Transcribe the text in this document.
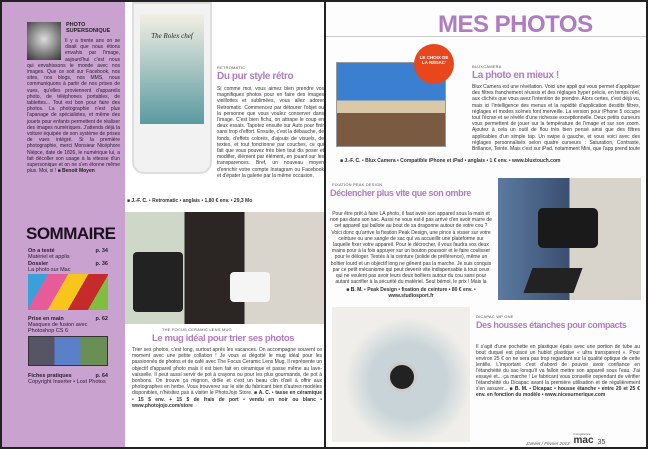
PHOTO SUPERSONIQUE
Il y a trente ans on se disait que nous étions envahis par l'image, aujourd'hui c'est nous qui envahissons le monde avec nos images. Que ce soit sur Facebook, nos sites, nos blogs, nos MMS, nous communiquons à partir de nos prises de vues, qu'elles proviennent d'appareils photo, de téléphones portables, de tablettes... Tout est bon pour faire des photos. La photographie n'est plus l'apanage de spécialistes, et même des jouets pour enfants permettent de réaliser des images numériques. J'attends déjà la voiture équipée de son système de prises de vues intégré. Si la première photographie, merci Monsieur Nicéphore Niépce, date de 1826, le numérique lui, a fait décoller son usage à la vitesse d'un supersonique et on ne s'en étonne même plus. Moi, si ! ■ Benoit Moyen
SOMMAIRE
On a testé	p. 34
Matériel et applis
Dossier	p. 36
La photo sur Mac
Prise en main	p. 62
Masques de fusion avec Photoshop CS 6
Fiches pratiques	p. 64
Copyright Inserter • Lost Photos
The Rolex chef
RETROMATIC
Du pur style rétro
Si comme moi, vous aimez bien prendre vos magnifiques photos pour en faire des images vieillottes et sublimées, vous allez adorer Retromatic. Commencez par détourer l'objet ou la personne que vous voulez conserver dans l'image. C'est bien fichu, on attrape le coup en deux essais. Tapotez ensuite sur Auto pour finir sans trop d'effort. Ensuite, c'est la débauche, de fonds, d'effets colorés, d'ajouts de visuels, de textes, et tout fonctionne par couches, ce qui fait que vous pouvez très bien tout dis poser et modifier, élément par élément, en jouant sur les transparences. Bref, un nouveau moyen d'enrichir votre compte Instagram ou Facebook et d'épater la galerie par la même occasion.
■ J.-F. C. • Retromatic • anglais • 1,80 € env. • 29,3 Mo
THE FOCUS CERAMIC LENS MUG
Le mug idéal pour trier ses photos
Trier ses photos, c'est long, surtout après les vacances. On accompagne souvent ce moment avec une petite collation ! Je vous ai dégotté le mug idéal pour les passionnés de photos et de café avec The Focus Ceramic Lens Mug. Il représente un objectif d'appareil photo mais il est bien fait en céramique et passe même au lave-vaisselle. Il peut aussi servir de pot à crayons ou pour les plus gourmands, de pot à bonbons. On trouve ça mignon, drôle et c'est un beau clin d'œil à offrir aux photographes en herbe. Vous trouverez sur le site du fabricant bien d'autres modèles disponibles, n'hésitez pas à visiter le PhotoJojo Store. ■ A. C. • tasse en céramique • 15 $ env. + 15 $ de frais de port • vendu en noir ou blanc • www.photojojo.com/store
MES PHOTOS
LE CHOIX DE LA RÉDAC'
BLUXCAMERA
La photo en mieux !
Blux Camera est une révélation. Voici une appli qui vous permet d'appliquer des filtres franchement réussis et des réglages hyper précis, en temps réel, aux clichés que vous avez l'intention de prendre. Alors certes, c'est déjà vu, mais ici l'intelligence des menus et la rapidité d'application desdits filtres, réglages et modes scènes font merveille. La version pour iPhone 5 occupe tout l'écran et se révèle d'une richesse exceptionnelle. Deux petits curseurs vous permettent de jouer sur la température de l'image et sur son zoom. Ajoutez à cela un outil de flou très bien pensé ainsi que des filtres applicables d'un simple tap. Un swipe à gauche, et vous voici avec des réglages personnalisés selon quatre curseurs : Saturation, Contraste, Brillance, Teinte. Mais c'est sur iPad, notamment Mini, que l'app prend toute
■ J.-F. C. • Blux Camera • Compatible iPhone et iPad • anglais • 1 € env. • www.bluxtouch.com
FIXATION PEAK DESIGN
Déclencher plus vite que son ombre
Pour être prêt à faire LA photo, il faut avoir son appareil sous la main et non pas dans son sac. Aussi ne vous est-il pas arrivé d'en avoir marre de cet appareil qui ballote au bout de sa dragonne autour de votre cou ? Voici donc qu'arrive la fixation Peak Design, une pince à visser sur votre ceinture ou une sangle de sac qui va accueillir une plateforme sur laquelle fixer votre appareil. Pour le décrocher, il vous faudra vos deux mains pour à la fois appuyer sur un bouton poussoir et le faire coulisser pour le déloger. Testés à la ceinture (solide de préférence), même un boîtier lourd et un objectif long ne gênent pas la marche. Je suis conquis par ce petit mécanisme qui peut devenir vite indispensable à tous ceux qui ne veulent pas avoir leurs deux boîtiers autour du cou sans pour autant sacrifier à la sécurité du matériel. Seul bémol, le prix ! Mais la
■ B. M. • Peak Design • fixation de ceinture • 80 € env. • www.studiosport.fr
DICAPAC WP ONE
Des housses étanches pour compacts
Il s'agit d'une pochette en plastique épais avec une portion de tube au bout duquel est placé un hublot plastique « ultra transparent ». Pour environ 25 € on ne sera pas trop regardant sur la qualité optique de cette lentille. L'important c'est d'abord de pouvoir avoir confiance en l'étanchéité du sac lorsqu'il va falloir mettre son appareil sous l'eau. J'ai essayé et... ça marche ! Le fabricant vous conseille cependant de vérifier l'étanchéité du Dicapac avant la première utilisation et de régulièrement s'en assurer... ■ B. M. • Dicapac • housse étanche • entre 20 et 25 € env. en fonction du modèle • www.nicesurnerique.com
Janvier / Février 2013
Compétence
mac 35
